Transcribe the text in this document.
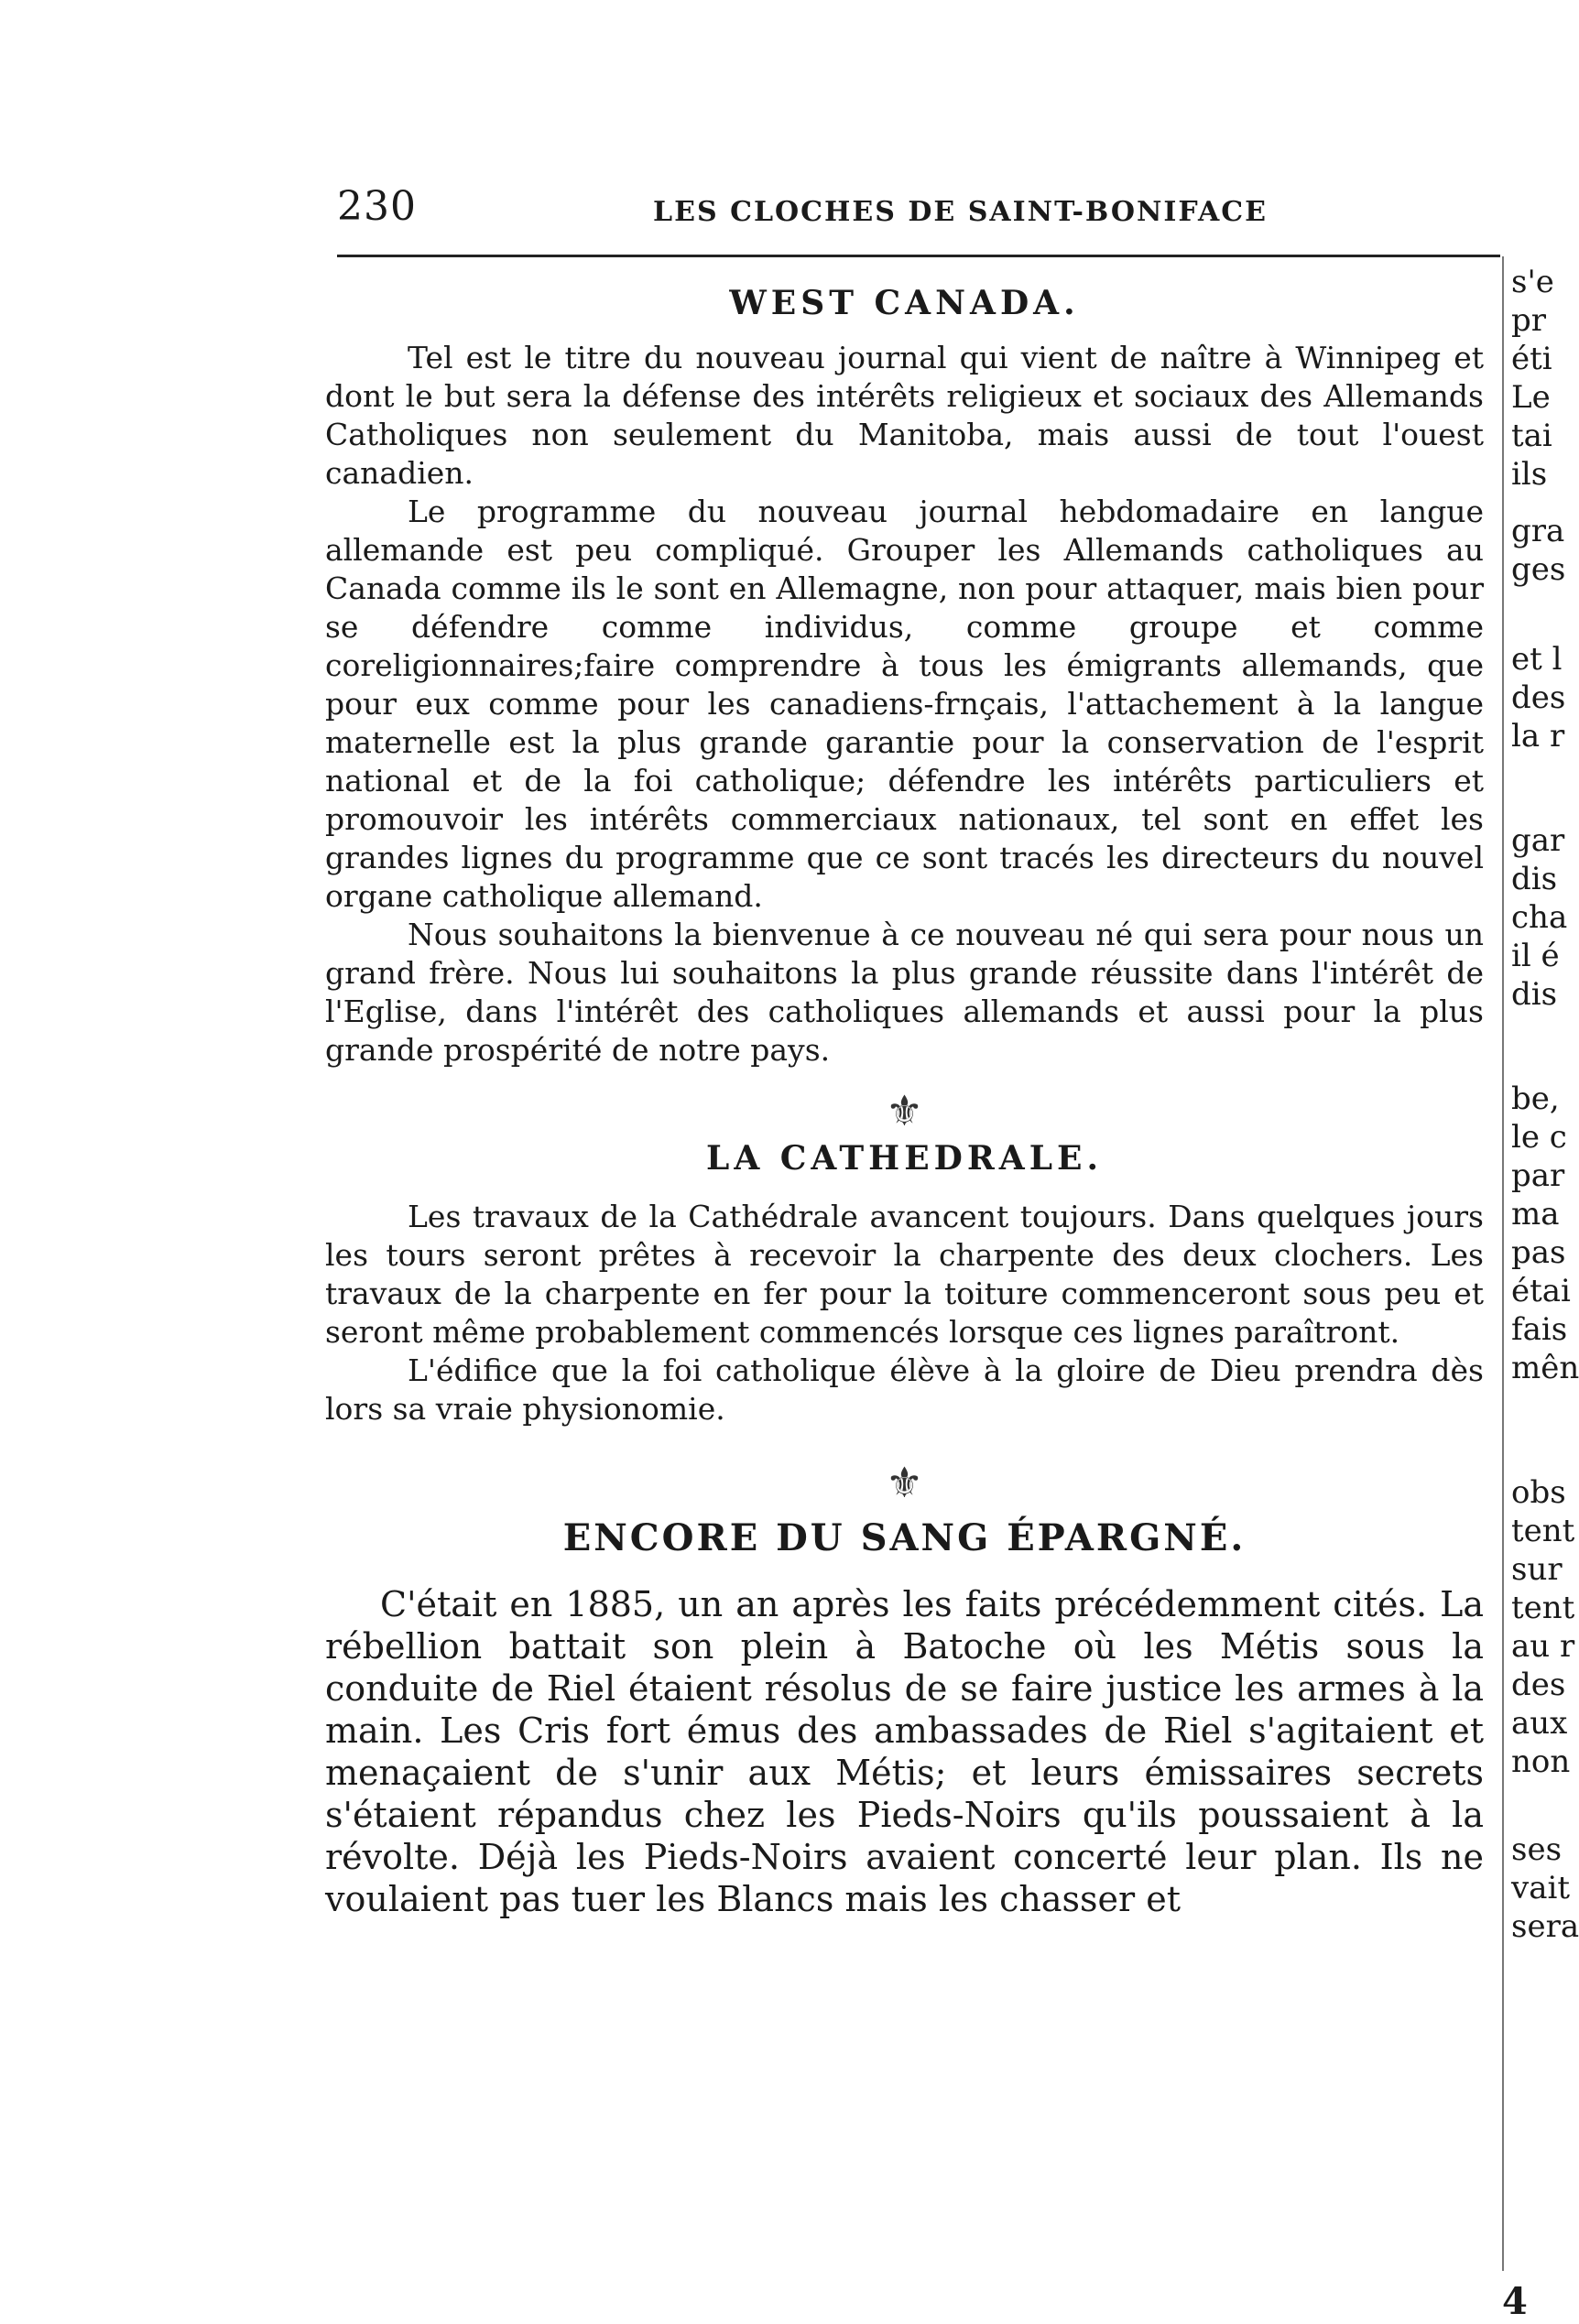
230	LES CLOCHES DE SAINT-BONIFACE
WEST CANADA.

Tel est le titre du nouveau journal qui vient de naître à Winnipeg et dont le but sera la défense des intérêts religieux et sociaux des Allemands Catholiques non seulement du Manitoba, mais aussi de tout l'ouest canadien.

Le programme du nouveau journal hebdomadaire en langue allemande est peu compliqué. Grouper les Allemands catholiques au Canada comme ils le sont en Allemagne, non pour attaquer, mais bien pour se défendre comme individus, comme groupe et comme coreligionnaires;faire comprendre à tous les émigrants allemands, que pour eux comme pour les canadiens-frnçais, l'attachement à la langue maternelle est la plus grande garantie pour la conservation de l'esprit national et de la foi catholique; défendre les intérêts particuliers et promouvoir les intérêts commerciaux nationaux, tel sont en effet les grandes lignes du programme que ce sont tracés les directeurs du nouvel organe catholique allemand.

Nous souhaitons la bienvenue à ce nouveau né qui sera pour nous un grand frère. Nous lui souhaitons la plus grande réussite dans l'intérêt de l'Eglise, dans l'intérêt des catholiques allemands et aussi pour la plus grande prospérité de notre pays.

⚜

LA CATHEDRALE.

Les travaux de la Cathédrale avancent toujours. Dans quelques jours les tours seront prêtes à recevoir la charpente des deux clochers. Les travaux de la charpente en fer pour la toiture commenceront sous peu et seront même probablement commencés lorsque ces lignes paraîtront.

L'édifice que la foi catholique élève à la gloire de Dieu prendra dès lors sa vraie physionomie.

⚜

ENCORE DU SANG ÉPARGNÉ.

C'était en 1885, un an après les faits précédemment cités. La rébellion battait son plein à Batoche où les Métis sous la conduite de Riel étaient résolus de se faire justice les armes à la main. Les Cris fort émus des ambassades de Riel s'agitaient et menaçaient de s'unir aux Métis; et leurs émissaires secrets s'étaient répandus chez les Pieds-Noirs qu'ils poussaient à la révolte. Déjà les Pieds-Noirs avaient concerté leur plan. Ils ne voulaient pas tuer les Blancs mais les chasser et

s'e
pr
éti
Le
tai
ils
gra
ges
et l
des
la r
gar
dis
cha
il é
dis
be,
le c
par
ma
pas
étai
fais
mên
obs
tent
sur
tent
au r
des
aux
non
ses
vait
sera
4
